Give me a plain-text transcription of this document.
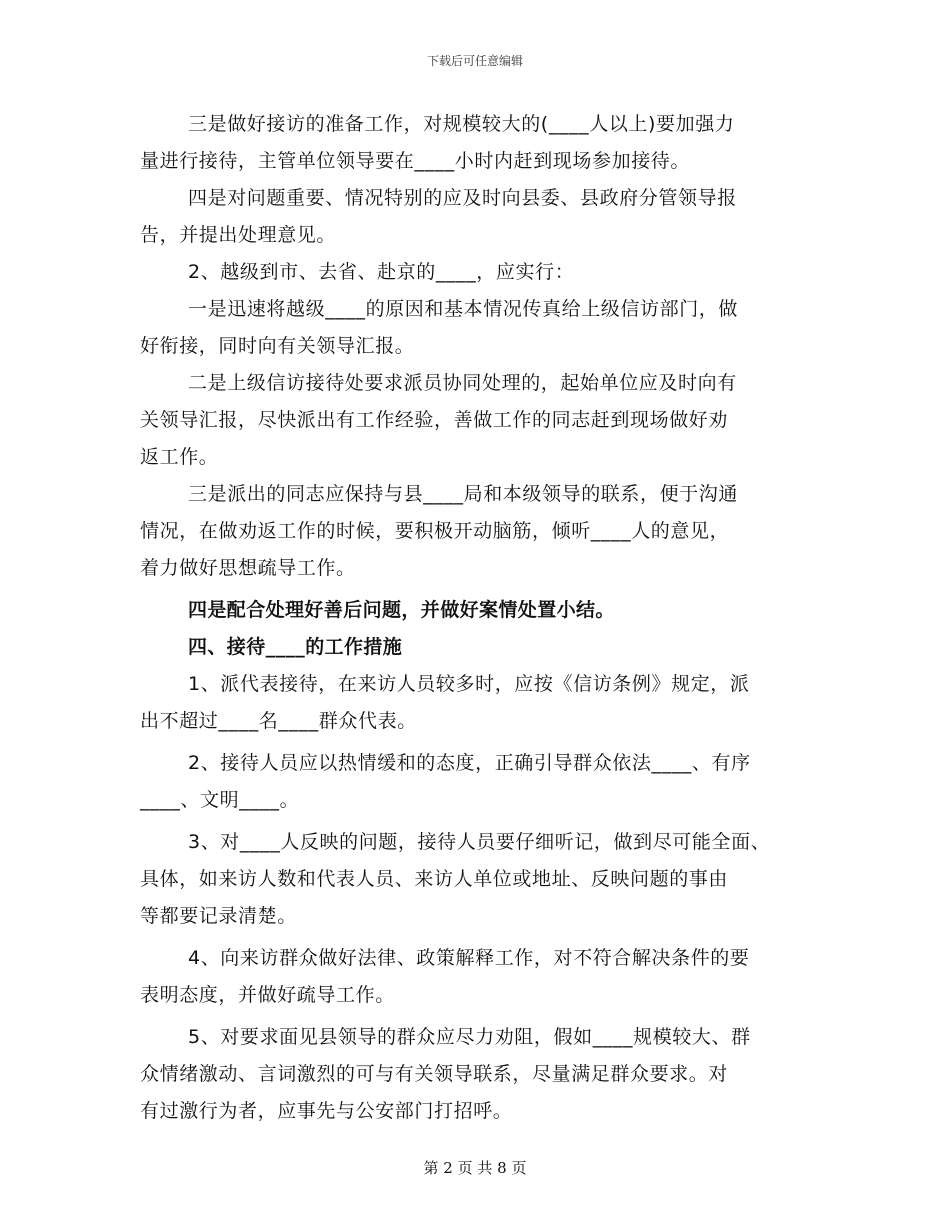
下载后可任意编辑
三是做好接访的准备工作，对规模较大的(____人以上)要加强力
量进行接待，主管单位领导要在____小时内赶到现场参加接待。
四是对问题重要、情况特别的应及时向县委、县政府分管领导报
告，并提出处理意见。
2、越级到市、去省、赴京的____，应实行：
一是迅速将越级____的原因和基本情况传真给上级信访部门，做
好衔接，同时向有关领导汇报。
二是上级信访接待处要求派员协同处理的，起始单位应及时向有
关领导汇报，尽快派出有工作经验，善做工作的同志赶到现场做好劝
返工作。
三是派出的同志应保持与县____局和本级领导的联系，便于沟通
情况，在做劝返工作的时候，要积极开动脑筋，倾听____人的意见，
着力做好思想疏导工作。
四是配合处理好善后问题，并做好案情处置小结。
四、接待____的工作措施
1、派代表接待，在来访人员较多时，应按《信访条例》规定，派
出不超过____名____群众代表。
2、接待人员应以热情缓和的态度，正确引导群众依法____、有序
____、文明____。
3、对____人反映的问题，接待人员要仔细听记，做到尽可能全面、
具体，如来访人数和代表人员、来访人单位或地址、反映问题的事由
等都要记录清楚。
4、向来访群众做好法律、政策解释工作，对不符合解决条件的要
表明态度，并做好疏导工作。
5、对要求面见县领导的群众应尽力劝阻，假如____规模较大、群
众情绪激动、言词激烈的可与有关领导联系，尽量满足群众要求。对
有过激行为者，应事先与公安部门打招呼。
第 2 页 共 8 页
